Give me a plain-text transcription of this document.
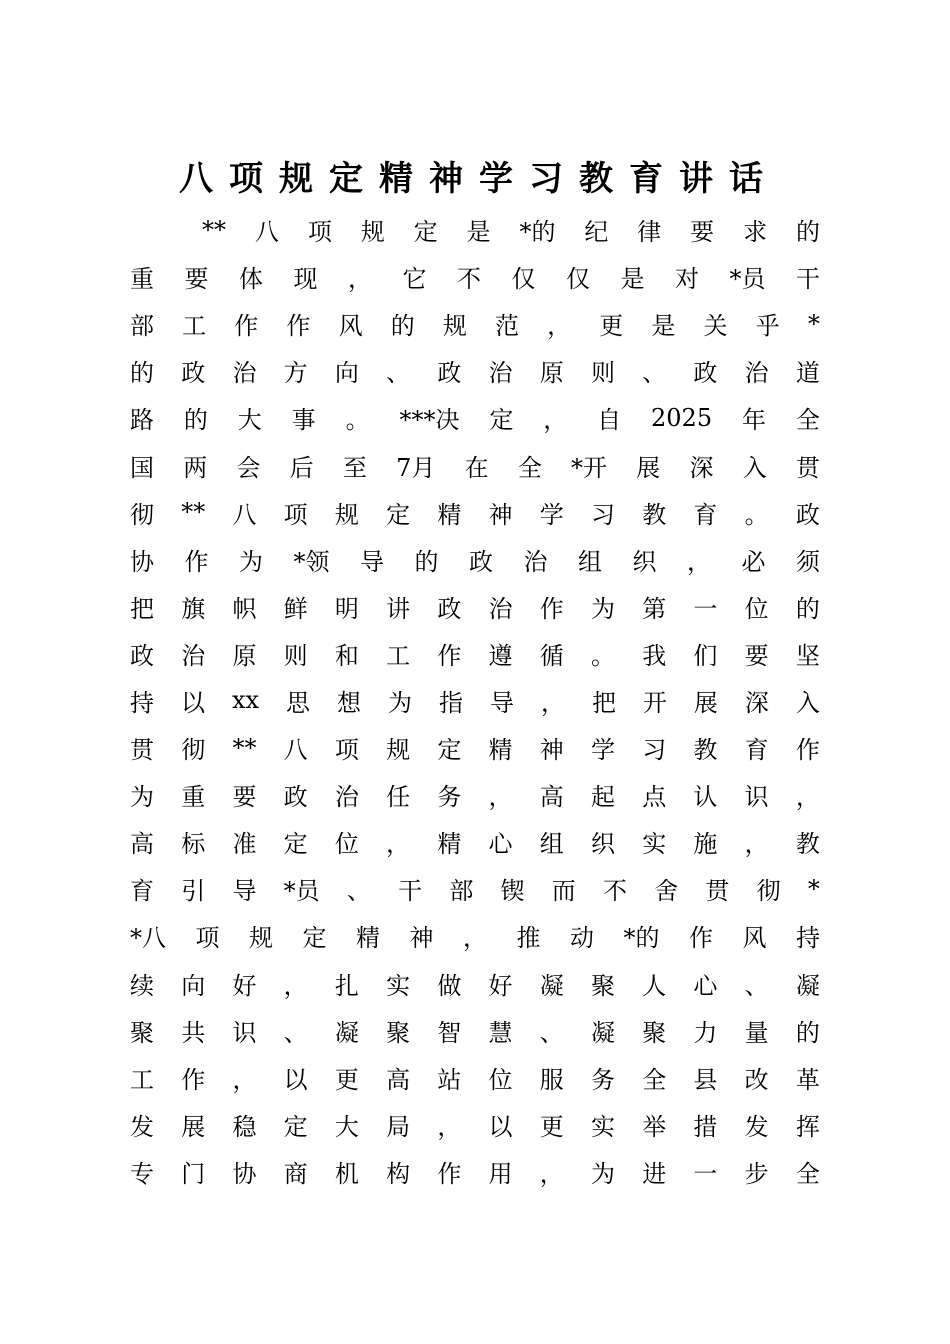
八项规定精神学习教育讲话
** 八 项 规 定 是 *的 纪 律 要 求 的
重 要 体 现 ， 它 不 仅 仅 是 对 *员 干
部 工 作 作 风 的 规 范 ， 更 是 关 乎 *
的 政 治 方 向 、 政 治 原 则 、 政 治 道
路 的 大 事 。 ***决 定 ， 自 2025 年 全
国 两 会 后 至 7月 在 全 *开 展 深 入 贯
彻 ** 八 项 规 定 精 神 学 习 教 育 。 政
协 作 为 *领 导 的 政 治 组 织 ， 必 须
把 旗 帜 鲜 明 讲 政 治 作 为 第 一 位 的
政 治 原 则 和 工 作 遵 循 。 我 们 要 坚
持 以 xx 思 想 为 指 导 ， 把 开 展 深 入
贯 彻 ** 八 项 规 定 精 神 学 习 教 育 作
为 重 要 政 治 任 务 ， 高 起 点 认 识 ，
高 标 准 定 位 ， 精 心 组 织 实 施 ， 教
育 引 导 *员 、 干 部 锲 而 不 舍 贯 彻 *
*八 项 规 定 精 神 ， 推 动 *的 作 风 持
续 向 好 ， 扎 实 做 好 凝 聚 人 心 、 凝
聚 共 识 、 凝 聚 智 慧 、 凝 聚 力 量 的
工 作 ， 以 更 高 站 位 服 务 全 县 改 革
发 展 稳 定 大 局 ， 以 更 实 举 措 发 挥
专 门 协 商 机 构 作 用 ， 为 进 一 步 全
